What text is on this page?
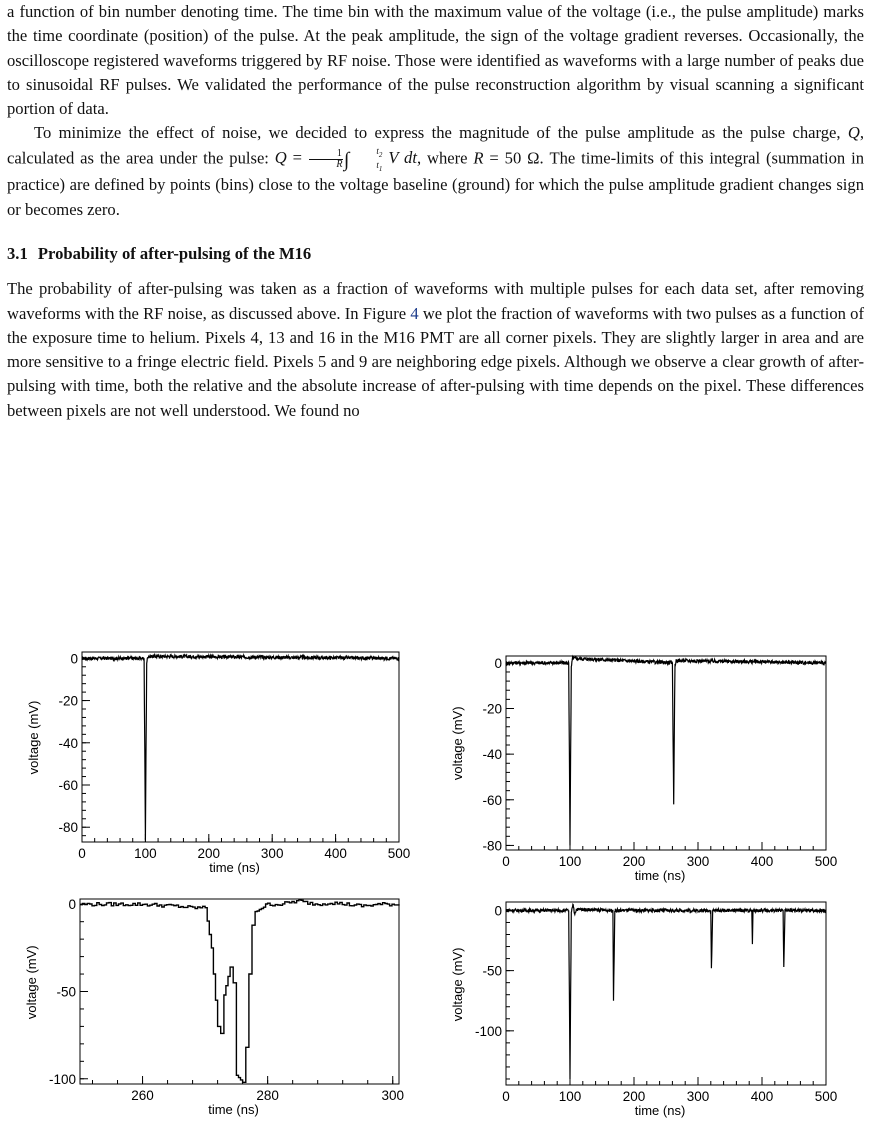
a function of bin number denoting time. The time bin with the maximum value of the voltage (i.e., the pulse amplitude) marks the time coordinate (position) of the pulse. At the peak amplitude, the sign of the voltage gradient reverses. Occasionally, the oscilloscope registered waveforms triggered by RF noise. Those were identified as waveforms with a large number of peaks due to sinusoidal RF pulses. We validated the performance of the pulse reconstruction algorithm by visual scanning a significant portion of data.

To minimize the effect of noise, we decided to express the magnitude of the pulse amplitude as the pulse charge, Q, calculated as the area under the pulse: $Q = \frac{1}{R}$ ∫	$t_2$
$t_1$
V dt, where R = 50 Ω. The time-limits of this integral (summation in practice) are defined by points (bins) close to the voltage baseline (ground) for which the pulse amplitude gradient changes sign or becomes zero.

3.1 Probability of after-pulsing of the M16

The probability of after-pulsing was taken as a fraction of waveforms with multiple pulses for each data set, after removing waveforms with the RF noise, as discussed above. In Figure 4 we plot the fraction of waveforms with two pulses as a function of the exposure time to helium. Pixels 4, 13 and 16 in the M16 PMT are all corner pixels. They are slightly larger in area and are more sensitive to a fringe electric field. Pixels 5 and 9 are neighboring edge pixels. Although we observe a clear growth of after-pulsing with time, both the relative and the absolute increase of after-pulsing with time depends on the pixel. These differences between pixels are not well understood. We found no

0	100	200	300	400	500
0
-20
-40
-60
-80
time (ns)
voltage (mV)
0	100	200	300	400	500
0
-20
-40
-60
-80
time (ns)
voltage (mV)
260	280	300
0
-50
-100
time (ns)
voltage (mV)
0	100	200	300	400	500
0
-50
-100
time (ns)
voltage (mV)
